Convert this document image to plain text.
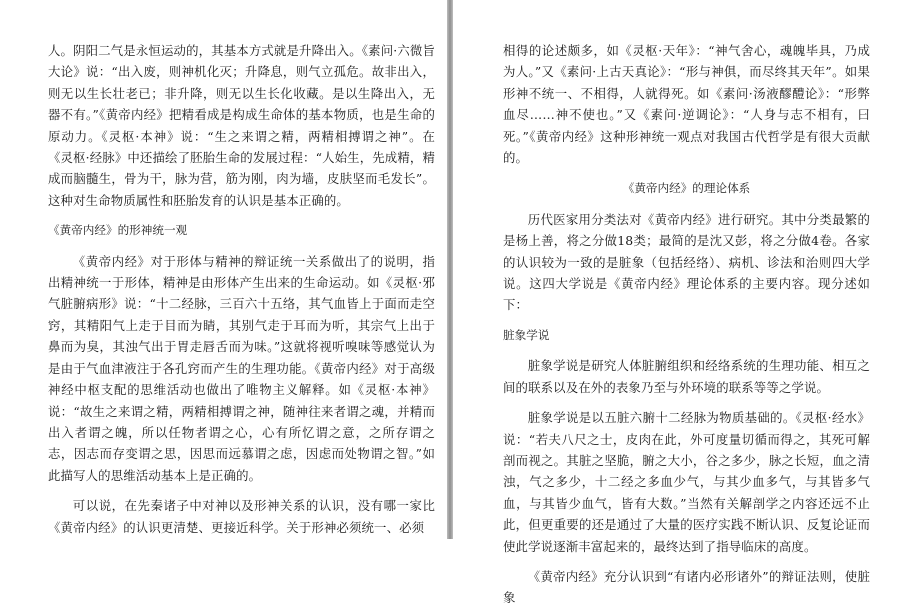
人。阴阳二气是永恒运动的，其基本方式就是升降出入。《素问·六微旨大论》说：“出入废，则神机化灭；升降息，则气立孤危。故非出入，则无以生长壮老已；非升降，则无以生长化收藏。是以生降出入，无器不有。”《黄帝内经》把精看成是构成生命体的基本物质，也是生命的原动力。《灵枢·本神》说：“生之来谓之精，两精相搏谓之神”。在《灵枢·经脉》中还描绘了胚胎生命的发展过程：“人始生，先成精，精成而脑髓生，骨为干，脉为营，筋为刚，肉为墙，皮肤坚而毛发长”。这种对生命物质属性和胚胎发育的认识是基本正确的。

《黄帝内经》的形神统一观

《黄帝内经》对于形体与精神的辩证统一关系做出了的说明，指出精神统一于形体，精神是由形体产生出来的生命运动。如《灵枢·邪气脏腑病形》说：“十二经脉，三百六十五络，其气血皆上于面而走空窍，其精阳气上走于目而为睛，其别气走于耳而为听，其宗气上出于鼻而为臭，其浊气出于胃走唇舌而为味。”这就将视听嗅味等感觉认为是由于气血津液注于各孔窍而产生的生理功能。《黄帝内经》对于高级神经中枢支配的思维活动也做出了唯物主义解释。如《灵枢·本神》说：“故生之来谓之精，两精相搏谓之神，随神往来者谓之魂，并精而出入者谓之魄，所以任物者谓之心，心有所忆谓之意，之所存谓之志，因志而存变谓之思，因思而远慕谓之虑，因虑而处物谓之智。”如此描写人的思维活动基本上是正确的。

可以说，在先秦诸子中对神以及形神关系的认识，没有哪一家比《黄帝内经》的认识更清楚、更接近科学。关于形神必须统一、必须

相得的论述颇多，如《灵枢·天年》：“神气舍心，魂魄毕具，乃成为人。”又《素问·上古天真论》：“形与神俱，而尽终其天年”。如果形神不统一、不相得，人就得死。如《素问·汤液醪醴论》：“形弊血尽……神不使也。”又《素问·逆调论》：“人身与志不相有，曰死。”《黄帝内经》这种形神统一观点对我国古代哲学是有很大贡献的。

《黄帝内经》的理论体系

历代医家用分类法对《黄帝内经》进行研究。其中分类最繁的是杨上善，将之分做18类；最简的是沈又彭，将之分做4卷。各家的认识较为一致的是脏象（包括经络）、病机、诊法和治则四大学说。这四大学说是《黄帝内经》理论体系的主要内容。现分述如下：

脏象学说

脏象学说是研究人体脏腑组织和经络系统的生理功能、相互之间的联系以及在外的表象乃至与外环境的联系等等之学说。

脏象学说是以五脏六腑十二经脉为物质基础的。《灵枢·经水》说：“若夫八尺之士，皮肉在此，外可度量切循而得之，其死可解剖而视之。其脏之坚脆，腑之大小，谷之多少，脉之长短，血之清浊，气之多少，十二经之多血少气，与其少血多气，与其皆多气血，与其皆少血气，皆有大数。”当然有关解剖学之内容还远不止此，但更重要的还是通过了大量的医疗实践不断认识、反复论证而使此学说逐渐丰富起来的，最终达到了指导临床的高度。

《黄帝内经》充分认识到“有诸内必形诸外”的辩证法则，使脏象
